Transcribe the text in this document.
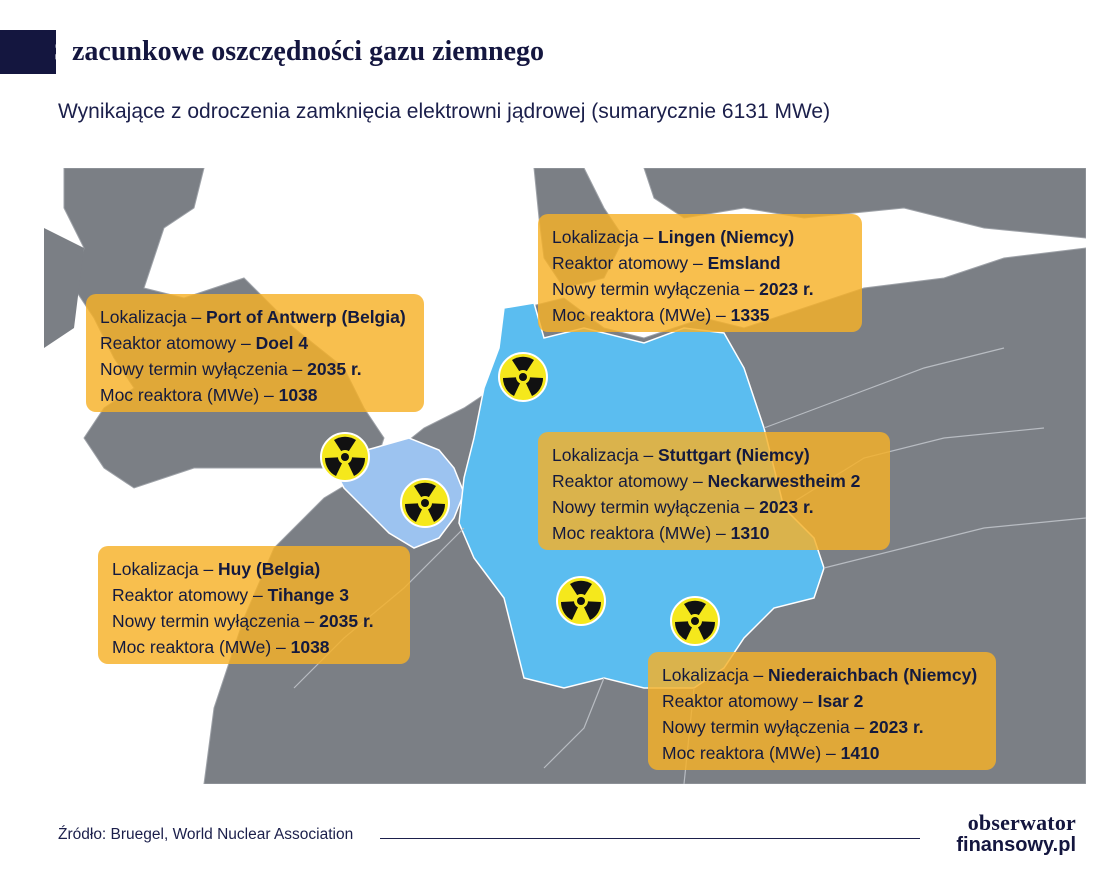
S zacunkowe oszczędności gazu ziemnego
Wynikające z odroczenia zamknięcia elektrowni jądrowej (sumarycznie 6131 MWe)
Lokalizacja – Port of Antwerp (Belgia)
Reaktor atomowy – Doel 4
Nowy termin wyłączenia – 2035 r.
Moc reaktora (MWe) – 1038
Lokalizacja – Huy (Belgia)
Reaktor atomowy – Tihange 3
Nowy termin wyłączenia – 2035 r.
Moc reaktora (MWe) – 1038
Lokalizacja – Lingen (Niemcy)
Reaktor atomowy – Emsland
Nowy termin wyłączenia – 2023 r.
Moc reaktora (MWe) – 1335
Lokalizacja – Stuttgart (Niemcy)
Reaktor atomowy – Neckarwestheim 2
Nowy termin wyłączenia – 2023 r.
Moc reaktora (MWe) – 1310
Lokalizacja – Niederaichbach (Niemcy)
Reaktor atomowy – Isar 2
Nowy termin wyłączenia – 2023 r.
Moc reaktora (MWe) – 1410
Źródło: Bruegel, World Nuclear Association	obserwator
finansowy.pl
